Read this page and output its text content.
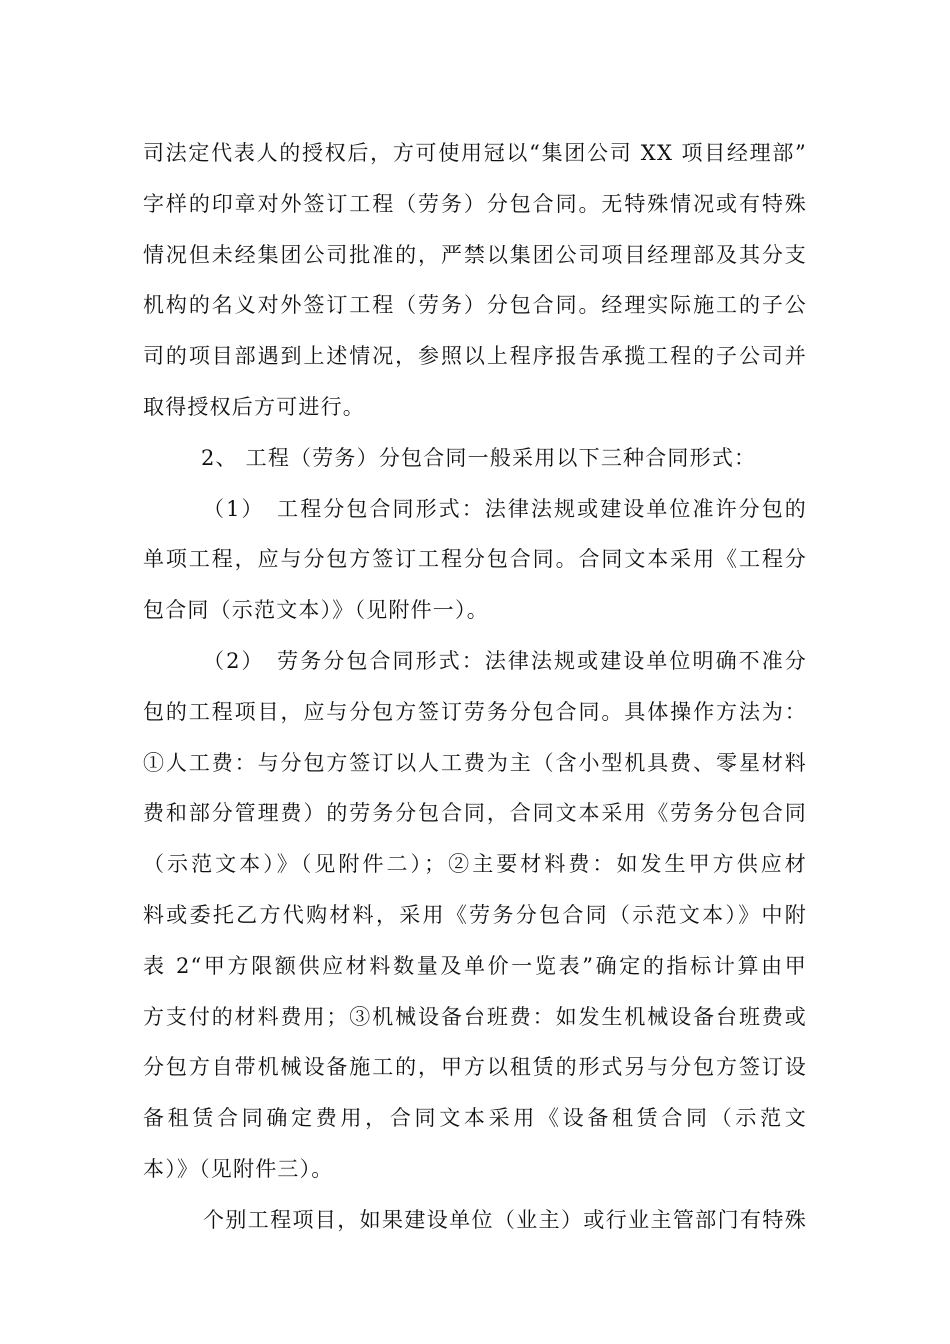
司法定代表人的授权后，方可使用冠以“集团公司 XX 项目经理部”
字样的印章对外签订工程（劳务）分包合同。无特殊情况或有特殊
情况但未经集团公司批准的，严禁以集团公司项目经理部及其分支
机构的名义对外签订工程（劳务）分包合同。经理实际施工的子公
司的项目部遇到上述情况，参照以上程序报告承揽工程的子公司并
取得授权后方可进行。

2、 工程（劳务）分包合同一般采用以下三种合同形式：

（1）　工程分包合同形式：法律法规或建设单位准许分包的
单项工程，应与分包方签订工程分包合同。合同文本采用《工程分
包合同（示范文本）》（见附件一）。

（2）　劳务分包合同形式：法律法规或建设单位明确不准分
包的工程项目，应与分包方签订劳务分包合同。具体操作方法为：
①人工费：与分包方签订以人工费为主（含小型机具费、零星材料
费和部分管理费）的劳务分包合同，合同文本采用《劳务分包合同
（示范文本）》（见附件二）；②主要材料费：如发生甲方供应材
料或委托乙方代购材料，采用《劳务分包合同（示范文本）》中附
表 2“甲方限额供应材料数量及单价一览表”确定的指标计算由甲
方支付的材料费用；③机械设备台班费：如发生机械设备台班费或
分包方自带机械设备施工的，甲方以租赁的形式另与分包方签订设
备租赁合同确定费用，合同文本采用《设备租赁合同（示范文
本）》（见附件三）。

个别工程项目，如果建设单位（业主）或行业主管部门有特殊
